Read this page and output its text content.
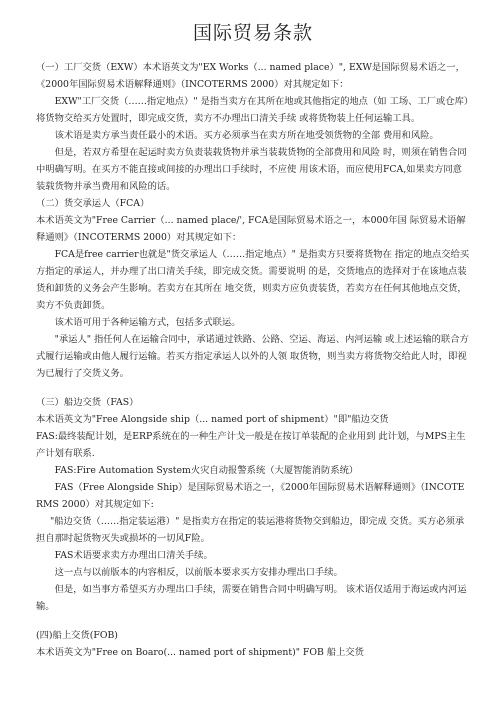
国际贸易条款

（一）工厂交货（EXW）本术语英文为"EX Works（... named place）", EXW是国际贸易术语之一，《2000年国际贸易术语解释通则》（INCOTERMS 2000）对其规定如下：

EXW"工厂交货（……指定地点）" 是指当卖方在其所在地或其他指定的地点（如 工场、工厂或仓库）将货物交给买方处置时，即完成交货，卖方不办理出口清关手续 或将货物装上任何运输工具。

该术语是卖方承当责任最小的术语。买方必须承当在卖方所在地受领货物的全部 费用和风险。

但是，若双方希望在起运时卖方负责装载货物并承当装载货物的全部费用和风险 时，则须在销售合同中明确写明。在买方不能直接或间接的办理出口手续时，不应使 用该术语，而应使用FCA,如果卖方同意装载货物并承当费用和风险的话。

（二）货交承运人（FCA）

本术语英文为"Free Carrier（... named place/', FCA是国际贸易术语之一，本000年国 际贸易术语解释通则》（INCOTERMS 2000）对其规定如下：

FCA是free carrier也就是"货交承运人（……指定地点）" 是指卖方只要将货物在 指定的地点交给买方指定的承运人，并办理了出口清关手续，即完成交货。需要说明 的是，交货地点的选择对于在该地点装货和卸货的义务会产生影响。若卖方在其所在 地交货，则卖方应负责装货，若卖方在任何其他地点交货，卖方不负责卸货。

该术语可用于各种运输方式，包括多式联运。

"承运人" 指任何人在运输合同中，承诺通过铁路、公路、空运、海运、内河运输 或上述运输的联合方式履行运输或由他人履行运输。若买方指定承运人以外的人领 取货物，则当卖方将货物交给此人时，即视为已履行了交货义务。

（三）船边交货（FAS）

本术语英文为"Free Alongside ship（... named port of shipment）"即"船边交货

FAS:最终装配计划，是ERP系统在的一种生产计戈一般是在按订单装配的企业用到 此计划，与MPS主生产计划有联系.

FAS:Fire Automation System火灾自动报警系统（大厦智能消防系统）

FAS（Free Alongside Ship）是国际贸易术语之一，《2000年国际贸易术语解释通则》（INCOTERMS 2000）对其规定如下:

"船边交货（……指定装运港）" 是指卖方在指定的装运港将货物交到船边，即完成 交货。买方必须承担自那时起货物灭失或损坏的一切风F险。

FAS术语要求卖方办理出口清关手续。

这一点与以前版本的内容相反，以前版本要求买方安排办理出口手续。

但是，如当事方希望买方办理出口手续，需要在销售合同中明确写明。 该术语仅适用于海运或内河运输。

(四)船上交货(FOB)

本术语英文为"Free on Boaro(... named port of shipment)" FOB 船上交货
